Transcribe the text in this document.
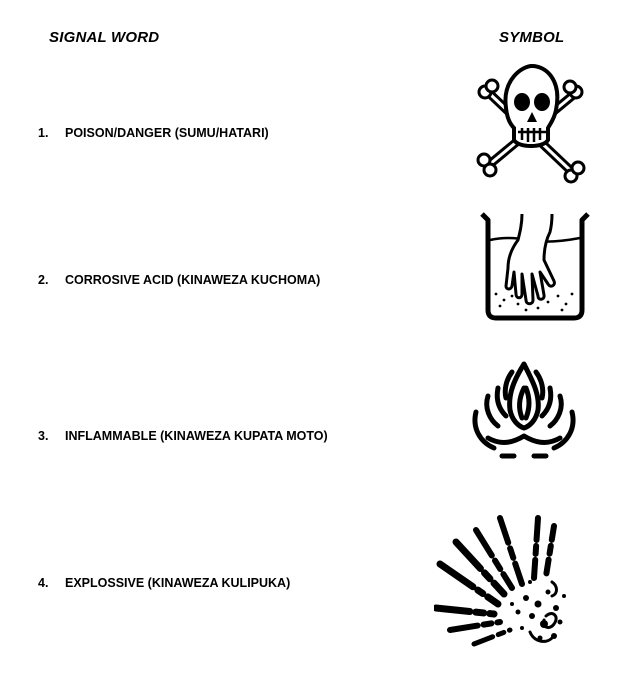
SIGNAL WORD	SYMBOL
1. POISON/DANGER (SUMU/HATARI)
2. CORROSIVE ACID (KINAWEZA KUCHOMA)
3. INFLAMMABLE (KINAWEZA KUPATA MOTO)
4. EXPLOSSIVE (KINAWEZA KULIPUKA)
